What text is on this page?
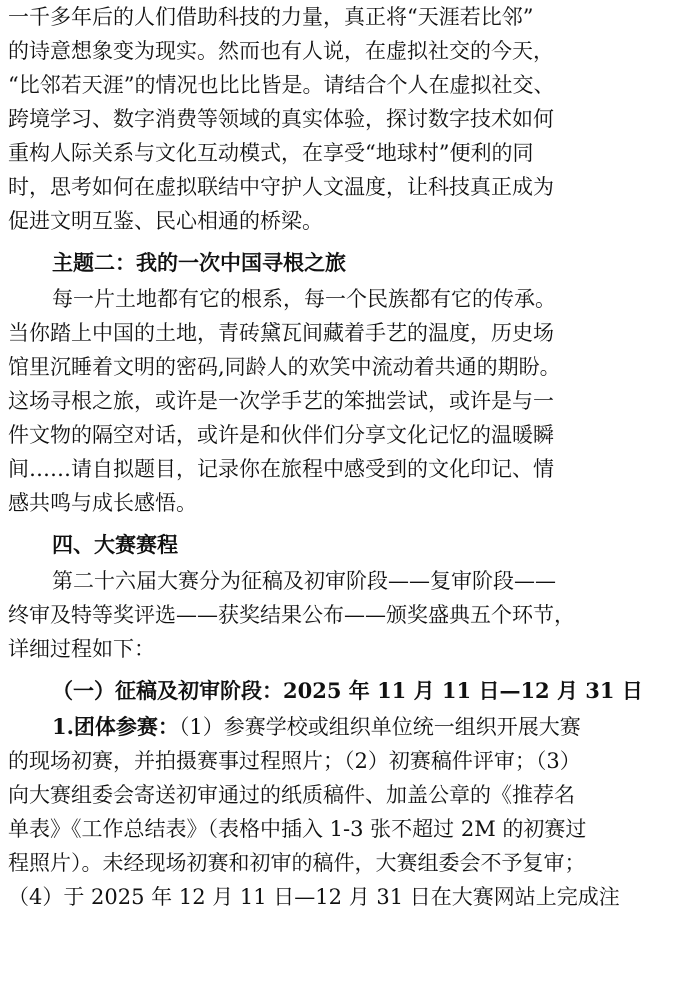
一千多年后的人们借助科技的力量，真正将“天涯若比邻”
的诗意想象变为现实。然而也有人说，在虚拟社交的今天，
“比邻若天涯”的情况也比比皆是。请结合个人在虚拟社交、
跨境学习、数字消费等领域的真实体验，探讨数字技术如何
重构人际关系与文化互动模式，在享受“地球村”便利的同
时，思考如何在虚拟联结中守护人文温度，让科技真正成为
促进文明互鉴、民心相通的桥梁。
主题二：我的一次中国寻根之旅
每一片土地都有它的根系，每一个民族都有它的传承。
当你踏上中国的土地，青砖黛瓦间藏着手艺的温度，历史场
馆里沉睡着文明的密码,同龄人的欢笑中流动着共通的期盼。
这场寻根之旅，或许是一次学手艺的笨拙尝试，或许是与一
件文物的隔空对话，或许是和伙伴们分享文化记忆的温暖瞬
间……请自拟题目，记录你在旅程中感受到的文化印记、情
感共鸣与成长感悟。
四、大赛赛程
第二十六届大赛分为征稿及初审阶段——复审阶段——
终审及特等奖评选——获奖结果公布——颁奖盛典五个环节，
详细过程如下：
（一）征稿及初审阶段：2025 年 11 月 11 日—12 月 31 日
1.团体参赛：（1）参赛学校或组织单位统一组织开展大赛
的现场初赛，并拍摄赛事过程照片；（2）初赛稿件评审；（3）
向大赛组委会寄送初审通过的纸质稿件、加盖公章的《推荐名
单表》《工作总结表》（表格中插入 1-3 张不超过 2M 的初赛过
程照片）。未经现场初赛和初审的稿件，大赛组委会不予复审；
（4）于 2025 年 12 月 11 日—12 月 31 日在大赛网站上完成注
